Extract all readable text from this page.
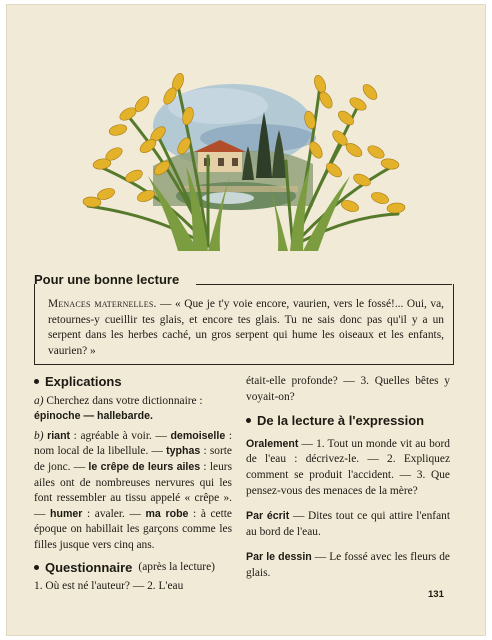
Pour une bonne lecture
Menaces maternelles. — « Que je t'y voie encore, vaurien, vers le fossé!... Oui, va, retournes-y cueillir tes glais, et encore tes glais. Tu ne sais donc pas qu'il y a un serpent dans les herbes caché, un gros serpent qui hume les oiseaux et les enfants, vaurien? »
Explications

a) Cherchez dans votre dictionnaire :
épinoche — hallebarde.

b) riant : agréable à voir. — demoiselle : nom local de la libellule. — typhas : sorte de jonc. — le crêpe de leurs ailes : leurs ailes ont de nombreuses nervures qui les font ressembler au tissu appelé « crêpe ». — humer : avaler. — ma robe : à cette époque on habillait les garçons comme les filles jusque vers cinq ans.

Questionnaire (après la lecture)

1. Où est né l'auteur? — 2. L'eau

était-elle profonde? — 3. Quelles bêtes y voyait-on?

De la lecture à l'expression

Oralement — 1. Tout un monde vit au bord de l'eau : décrivez-le. — 2. Expliquez comment se produit l'accident. — 3. Que pensez-vous des menaces de la mère?

Par écrit — Dites tout ce qui attire l'enfant au bord de l'eau.

Par le dessin — Le fossé avec les fleurs de glais.

131
